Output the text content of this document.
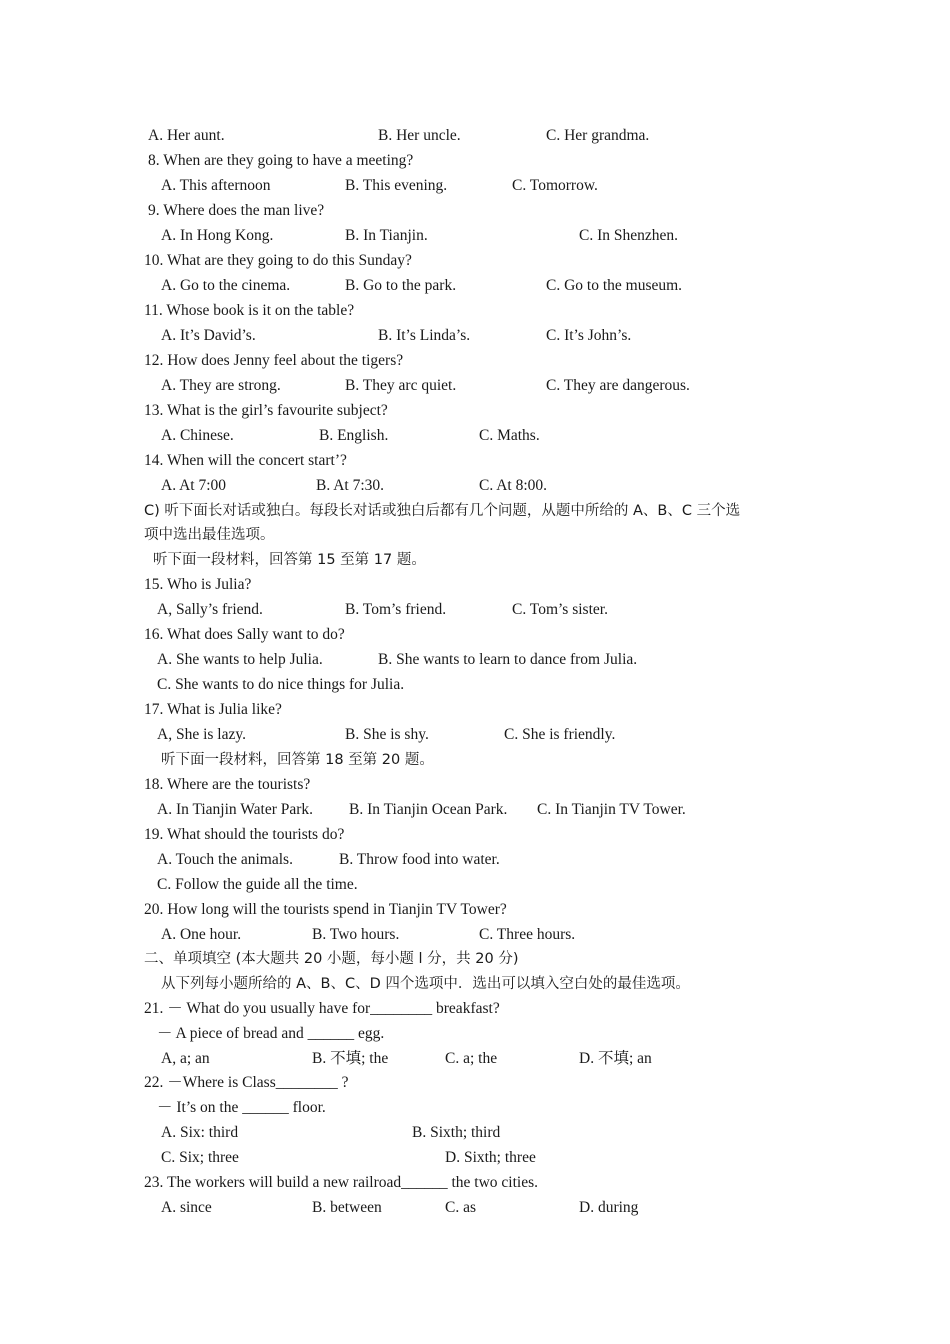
A. Her aunt.	B. Her uncle.	C. Her grandma.
8. When are they going to have a meeting?
A. This afternoon	B. This evening.	C. Tomorrow.
9. Where does the man live?
A. In Hong Kong.	B. In Tianjin.	C. In Shenzhen.
10. What are they going to do this Sunday?
A. Go to the cinema.	B. Go to the park.	C. Go to the museum.
11. Whose book is it on the table?
A. It’s David’s.	B. It’s Linda’s.	C. It’s John’s.
12. How does Jenny feel about the tigers?
A. They are strong.	B. They arc quiet.	C. They are dangerous.
13. What is the girl’s favourite subject?
A. Chinese.	B. English.	C. Maths.
14. When will the concert start’?
A. At 7:00	B. At 7:30.	C. At 8:00.
C) 听下面长对话或独白。每段长对话或独白后都有几个问题，从题中所给的 A、B、C 三个选
项中选出最佳选项。
听下面一段材料，回答第 15 至第 17 题。
15. Who is Julia?
A, Sally’s friend.	B. Tom’s friend.	C. Tom’s sister.
16. What does Sally want to do?
A. She wants to help Julia.	B. She wants to learn to dance from Julia.
C. She wants to do nice things for Julia.
17. What is Julia like?
A, She is lazy.	B. She is shy.	C. She is friendly.
听下面一段材料，回答第 18 至第 20 题。
18. Where are the tourists?
A. In Tianjin Water Park. B. In Tianjin Ocean Park. C. In Tianjin TV Tower.
19. What should the tourists do?
A. Touch the animals.	B. Throw food into water.
C. Follow the guide all the time.
20. How long will the tourists spend in Tianjin TV Tower?
A. One hour.	B. Two hours.	C. Three hours.
二、单项填空 (本大题共 20 小题，每小题 l 分，共 20 分)
从下列每小题所给的 A、B、C、D 四个选项中．选出可以填入空白处的最佳选项。
21. － What do you usually have for________ breakfast?
－ A piece of bread and ______ egg.
A, a; an	B. 不填; the	C. a; the	D. 不填; an
22. －Where is Class________ ?
－ It’s on the ______ floor.
A. Six: third	B. Sixth; third
C. Six; three	D. Sixth; three
23. The workers will build a new railroad______ the two cities.
A. since	B. between	C. as	D. during
